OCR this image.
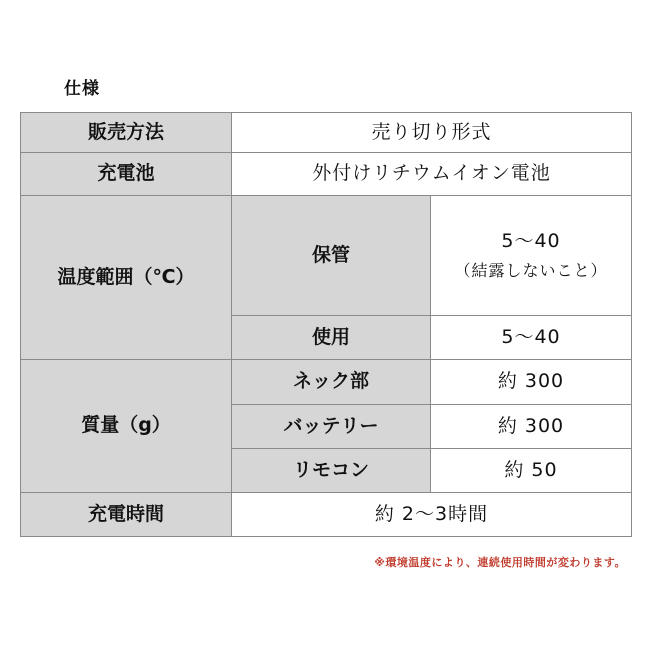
仕様
販売方法	売り切り形式	
充電池	外付けリチウムイオン電池	
温度範囲（℃）	保管	5～40
（結露しないこと）

	使用	5～40
質量（g）	ネック部	約 300
	バッテリー	約 300
	リモコン	約 50
充電時間	約 2～3時間	
※環境温度により、連続使用時間が変わります。
